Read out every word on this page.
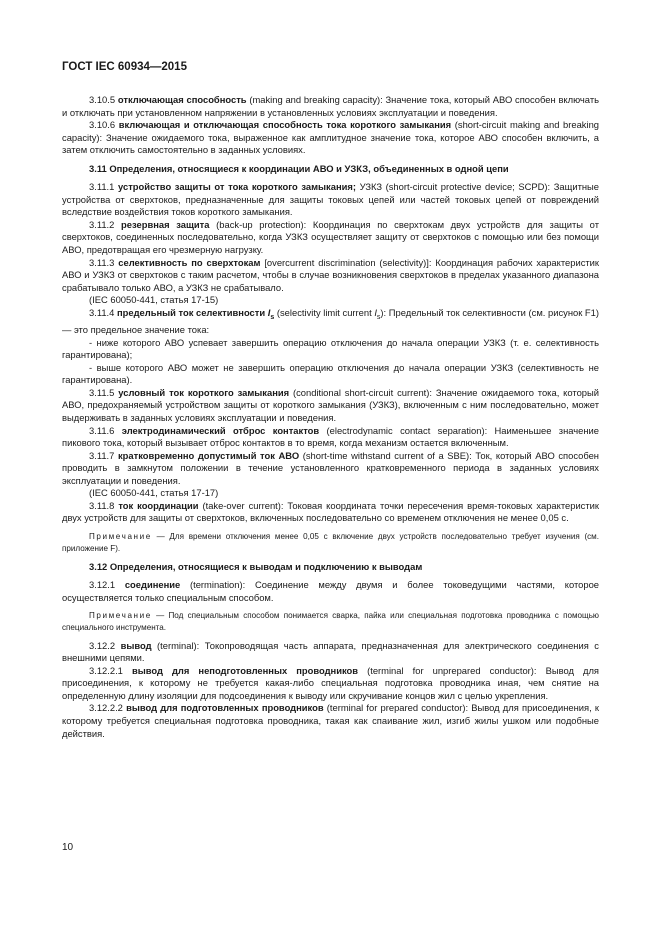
ГОСТ IEC 60934—2015

3.10.5 отключающая способность (making and breaking capacity): Значение тока, который АВО способен включать и отключать при установленном напряжении в установленных условиях эксплуатации и поведения.

3.10.6 включающая и отключающая способность тока короткого замыкания (short-circuit making and breaking capacity): Значение ожидаемого тока, выраженное как амплитудное значение тока, которое АВО способен включить, а затем отключить самостоятельно в заданных условиях.

3.11 Определения, относящиеся к координации АВО и УЗКЗ, объединенных в одной цепи

3.11.1 устройство защиты от тока короткого замыкания; УЗКЗ (short-circuit protective device; SCPD): Защитные устройства от сверхтоков, предназначенные для защиты токовых цепей или частей токовых цепей от повреждений вследствие воздействия токов короткого замыкания.

3.11.2 резервная защита (back-up protection): Координация по сверхтокам двух устройств для защиты от сверхтоков, соединенных последовательно, когда УЗКЗ осуществляет защиту от сверхтоков с помощью или без помощи АВО, предотвращая его чрезмерную нагрузку.

3.11.3 селективность по сверхтокам [overcurrent discrimination (selectivity)]: Координация рабочих характеристик АВО и УЗКЗ от сверхтоков с таким расчетом, чтобы в случае возникновения сверхтоков в пределах указанного диапазона срабатывало только АВО, а УЗКЗ не срабатывало.

(IEC 60050-441, статья 17-15)

3.11.4 предельный ток селективности $I_s$ (selectivity limit current $I_s$): Предельный ток селективности (см. рисунок F1) — это предельное значение тока:

- ниже которого АВО успевает завершить операцию отключения до начала операции УЗКЗ (т. е. селективность гарантирована);

- выше которого АВО может не завершить операцию отключения до начала операции УЗКЗ (селективность не гарантирована).

3.11.5 условный ток короткого замыкания (conditional short-circuit current): Значение ожидаемого тока, который АВО, предохраняемый устройством защиты от короткого замыкания (УЗКЗ), включенным с ним последовательно, может выдерживать в заданных условиях эксплуатации и поведения.

3.11.6 электродинамический отброс контактов (electrodynamic contact separation): Наименьшее значение пикового тока, который вызывает отброс контактов в то время, когда механизм остается включенным.

3.11.7 кратковременно допустимый ток АВО (short-time withstand current of a SBE): Ток, который АВО способен проводить в замкнутом положении в течение установленного кратковременного периода в заданных условиях эксплуатации и поведения.

(IEC 60050-441, статья 17-17)

3.11.8 ток координации (take-over current): Токовая координата точки пересечения время-токовых характеристик двух устройств для защиты от сверхтоков, включенных последовательно со временем отключения не менее 0,05 с.

Примечание — Для времени отключения менее 0,05 с включение двух устройств последовательно требует изучения (см. приложение F).

3.12 Определения, относящиеся к выводам и подключению к выводам

3.12.1 соединение (termination): Соединение между двумя и более токоведущими частями, которое осуществляется только специальным способом.

Примечание — Под специальным способом понимается сварка, пайка или специальная подготовка проводника с помощью специального инструмента.

3.12.2 вывод (terminal): Токопроводящая часть аппарата, предназначенная для электрического соединения с внешними цепями.

3.12.2.1 вывод для неподготовленных проводников (terminal for unprepared conductor): Вывод для присоединения, к которому не требуется какая-либо специальная подготовка проводника иная, чем снятие на определенную длину изоляции для подсоединения к выводу или скручивание концов жил с целью укрепления.

3.12.2.2 вывод для подготовленных проводников (terminal for prepared conductor): Вывод для присоединения, к которому требуется специальная подготовка проводника, такая как спаивание жил, изгиб жилы ушком или подобные действия.

10
